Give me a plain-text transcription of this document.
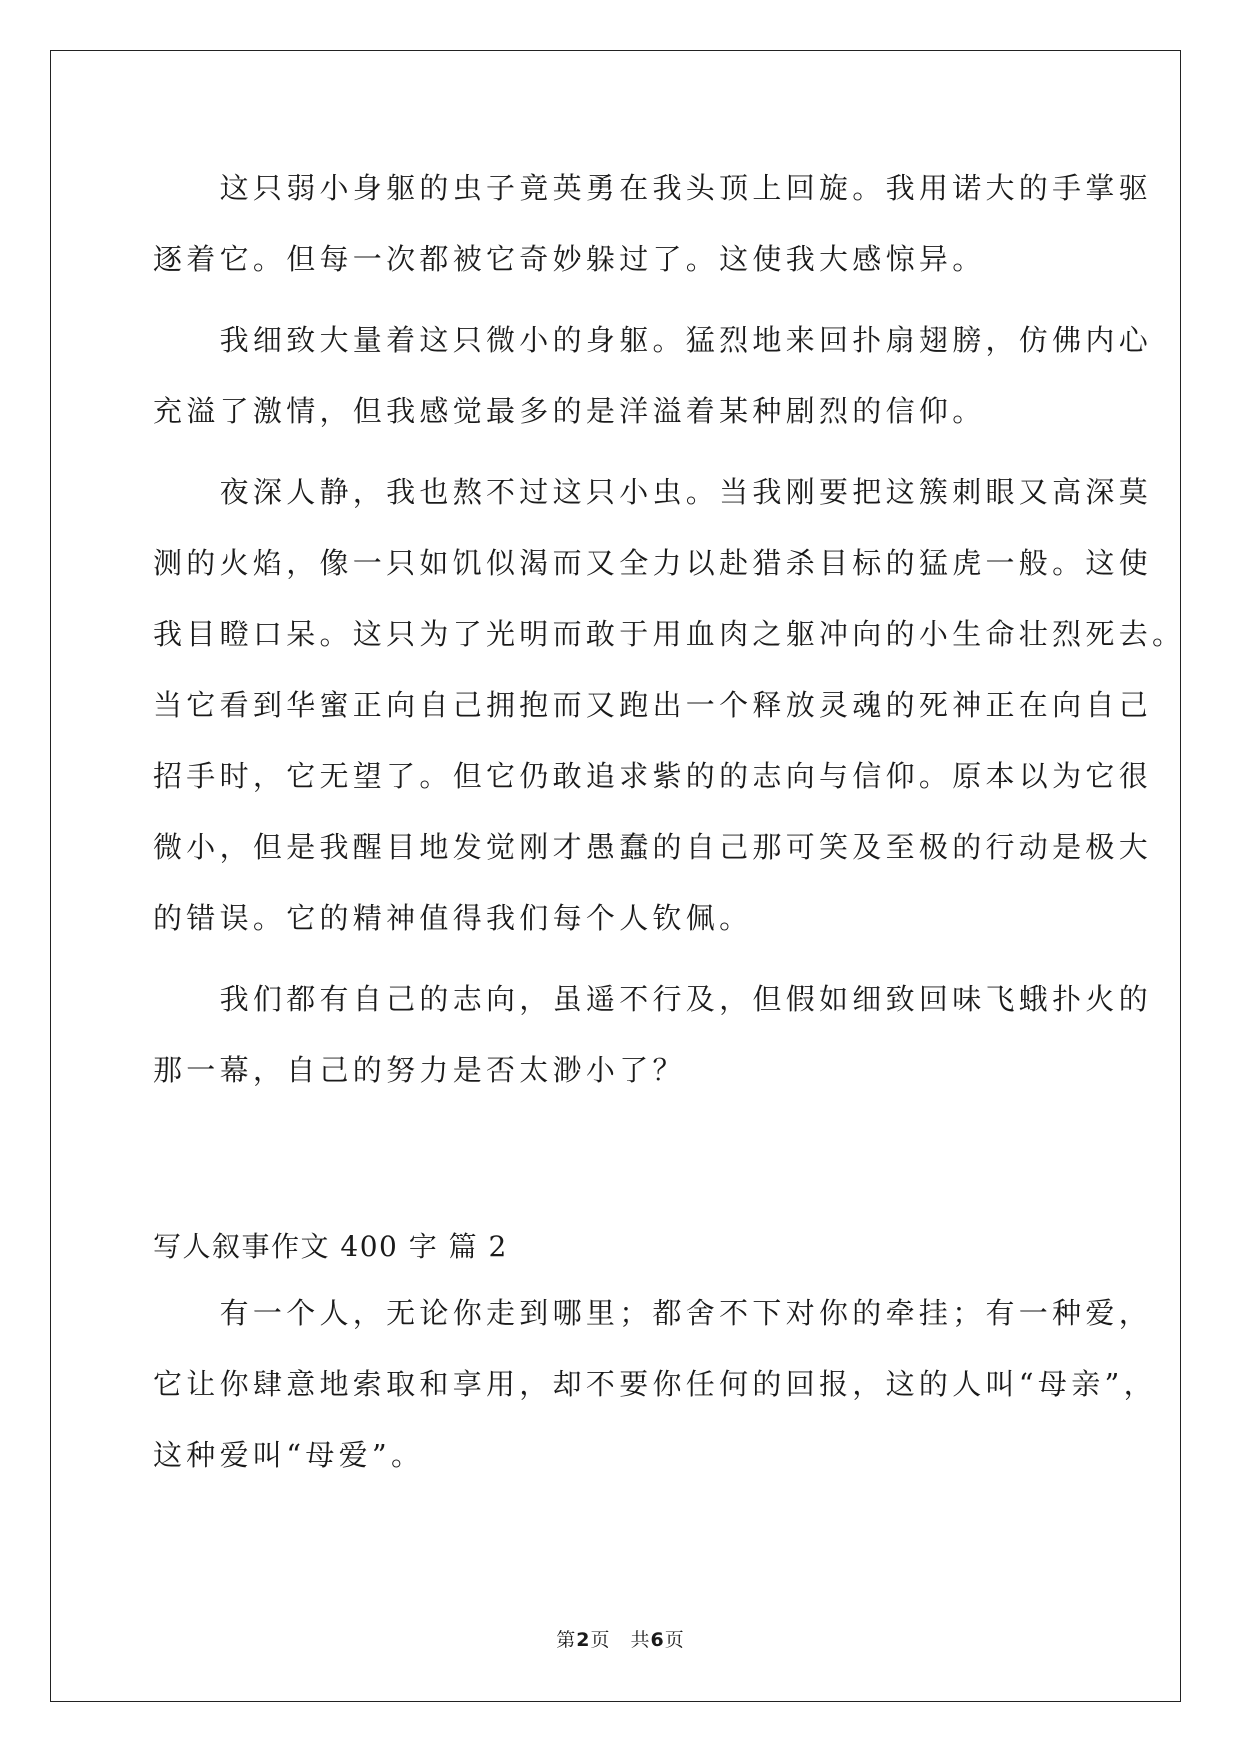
　　这只弱小身躯的虫子竟英勇在我头顶上回旋。我用诺大的手掌驱
逐着它。但每一次都被它奇妙躲过了。这使我大感惊异。
　　我细致大量着这只微小的身躯。猛烈地来回扑扇翅膀，仿佛内心
充溢了激情，但我感觉最多的是洋溢着某种剧烈的信仰。
　　夜深人静，我也熬不过这只小虫。当我刚要把这簇刺眼又高深莫
测的火焰，像一只如饥似渴而又全力以赴猎杀目标的猛虎一般。这使
我目瞪口呆。这只为了光明而敢于用血肉之躯冲向的小生命壮烈死去。
当它看到华蜜正向自己拥抱而又跑出一个释放灵魂的死神正在向自己
招手时，它无望了。但它仍敢追求紫的的志向与信仰。原本以为它很
微小，但是我醒目地发觉刚才愚蠢的自己那可笑及至极的行动是极大
的错误。它的精神值得我们每个人钦佩。
　　我们都有自己的志向，虽遥不行及，但假如细致回味飞蛾扑火的
那一幕，自己的努力是否太渺小了？
写人叙事作文 400 字 篇 2
　　有一个人，无论你走到哪里；都舍不下对你的牵挂；有一种爱，
它让你肆意地索取和享用，却不要你任何的回报，这的人叫“母亲”，
这种爱叫“母爱”。
第2页　共6页
